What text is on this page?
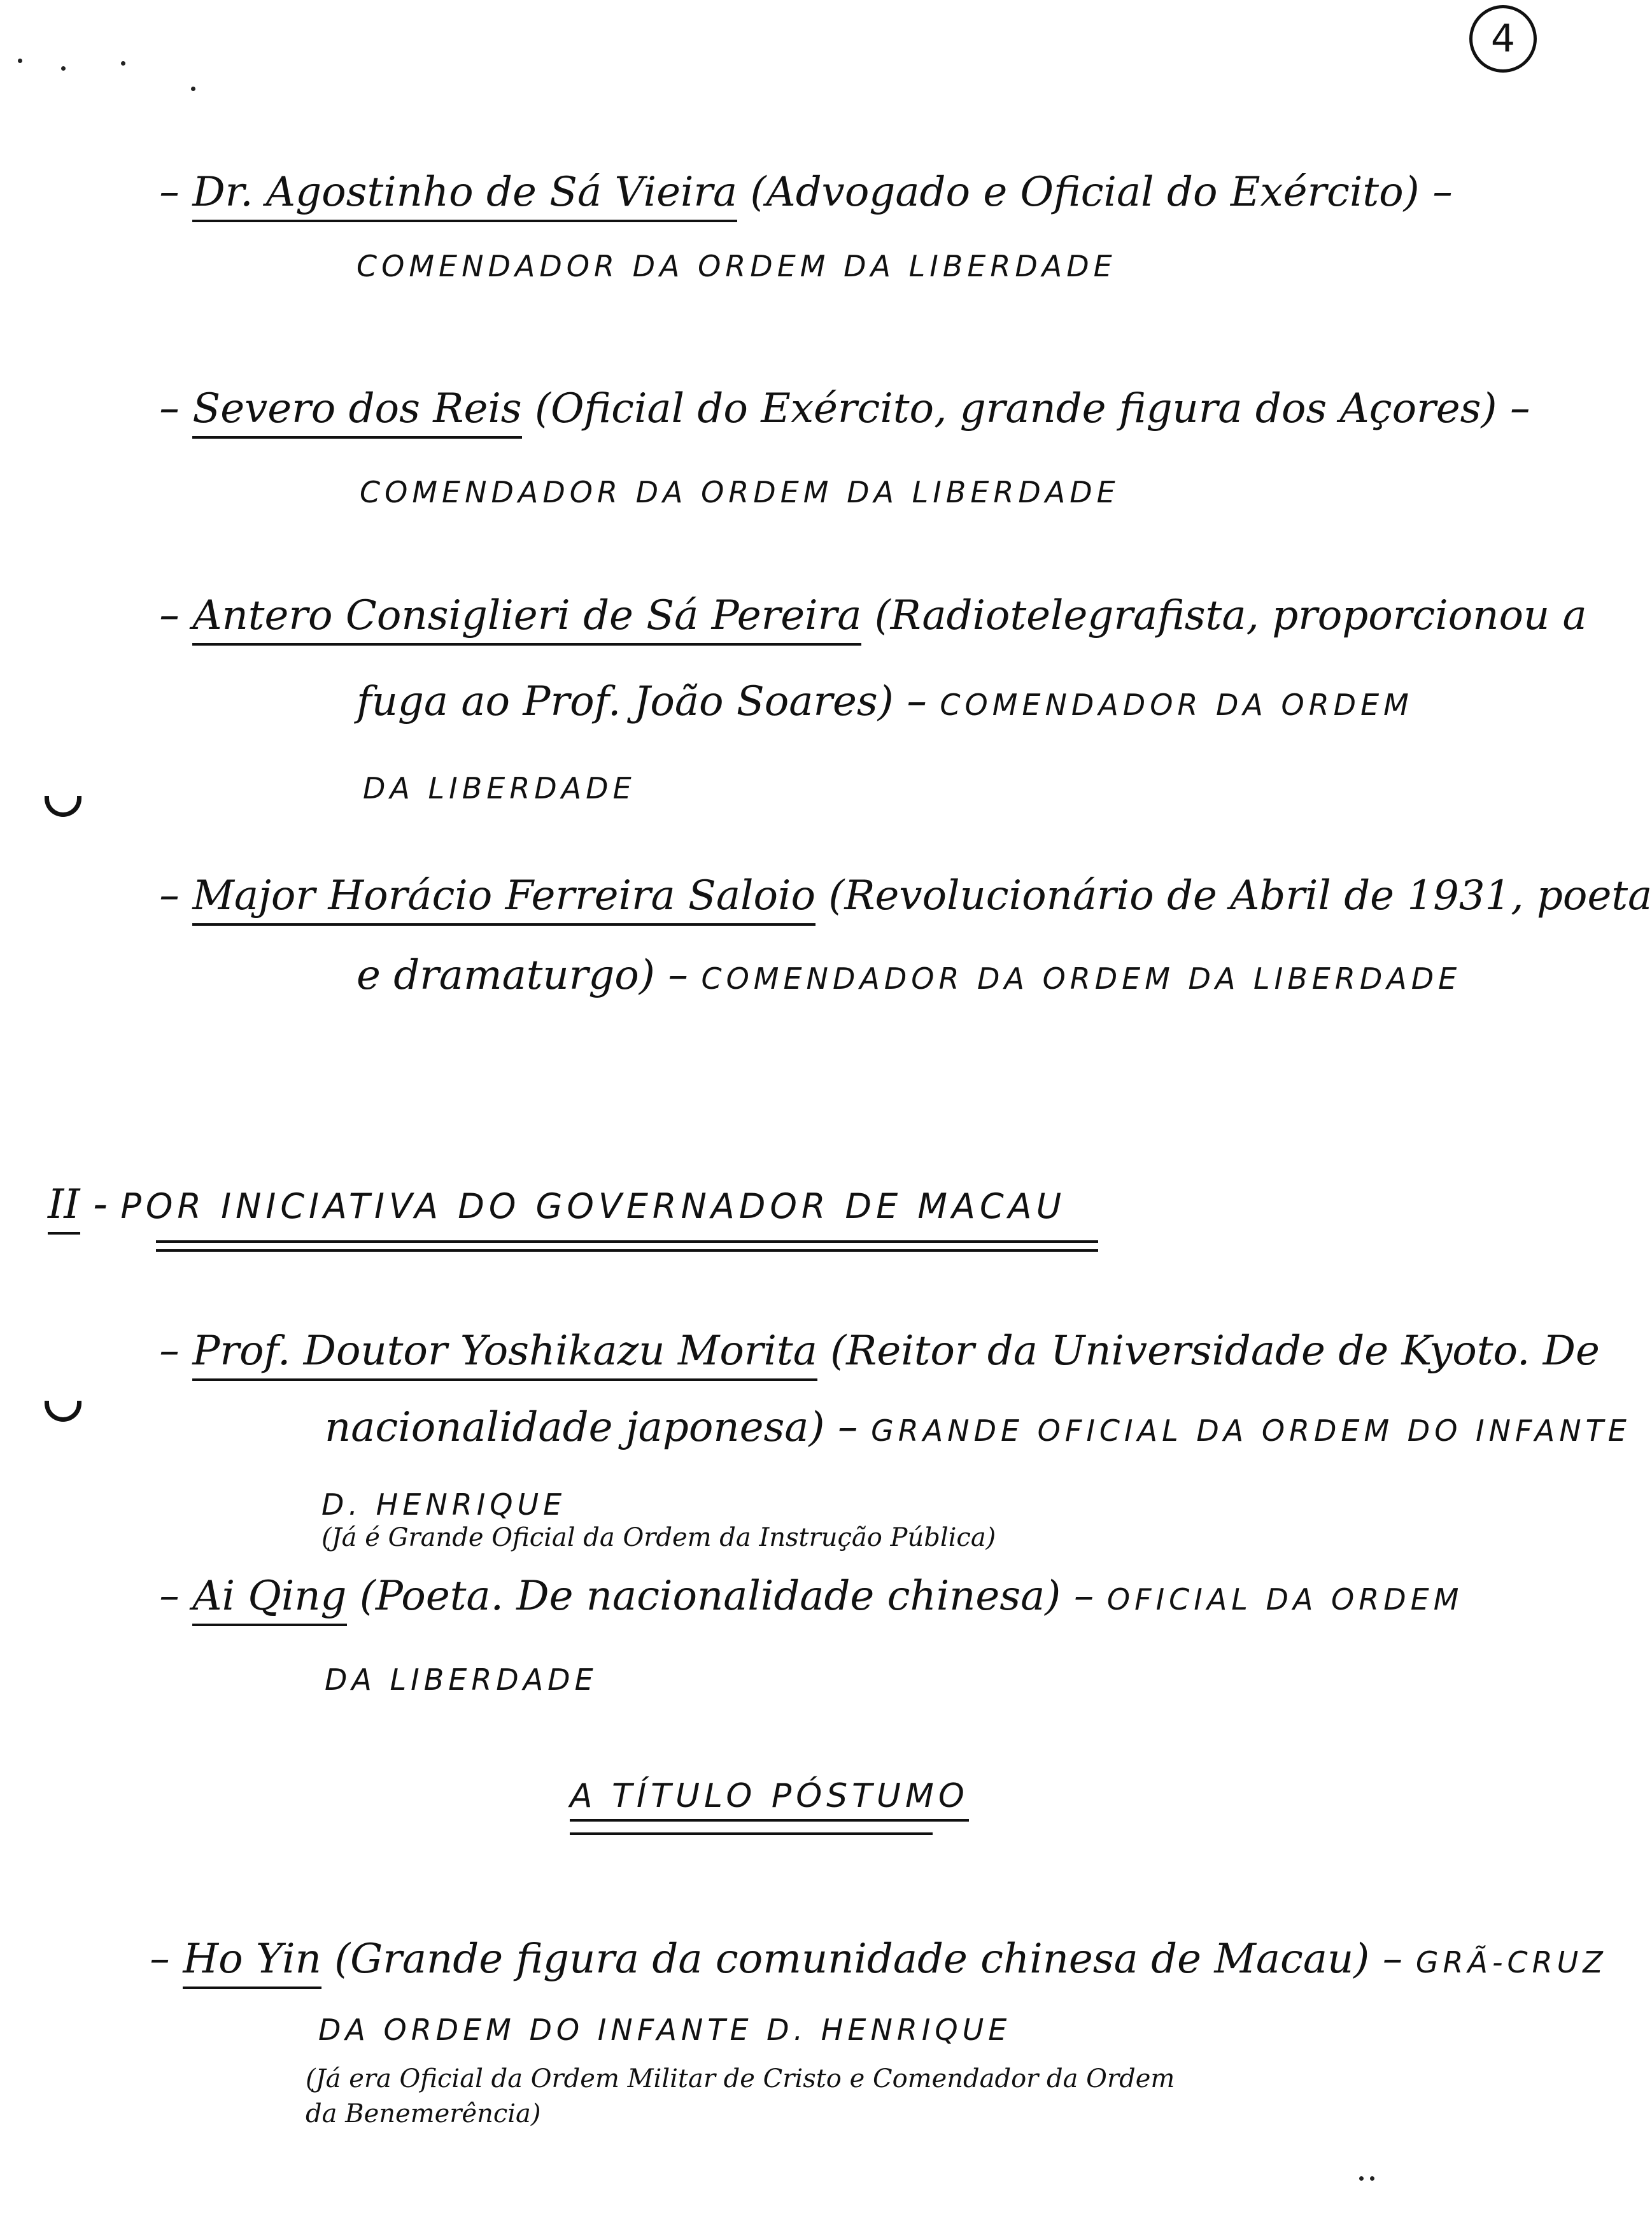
4
– Dr. Agostinho de Sá Vieira (Advogado e Oficial do Exército) –
COMENDADOR DA ORDEM DA LIBERDADE
– Severo dos Reis (Oficial do Exército, grande figura dos Açores) –
COMENDADOR DA ORDEM DA LIBERDADE
– Antero Consiglieri de Sá Pereira (Radiotelegrafista, proporcionou a
fuga ao Prof. João Soares) – COMENDADOR DA ORDEM
DA LIBERDADE
– Major Horácio Ferreira Saloio (Revolucionário de Abril de 1931, poeta
e dramaturgo) – COMENDADOR DA ORDEM DA LIBERDADE
II - POR INICIATIVA DO GOVERNADOR DE MACAU
– Prof. Doutor Yoshikazu Morita (Reitor da Universidade de Kyoto. De
nacionalidade japonesa) – GRANDE OFICIAL DA ORDEM DO INFANTE
D. HENRIQUE
(Já é Grande Oficial da Ordem da Instrução Pública)
– Ai Qing (Poeta. De nacionalidade chinesa) – OFICIAL DA ORDEM
DA LIBERDADE
A TÍTULO PÓSTUMO
– Ho Yin (Grande figura da comunidade chinesa de Macau) – GRÃ-CRUZ
DA ORDEM DO INFANTE D. HENRIQUE
(Já era Oficial da Ordem Militar de Cristo e Comendador da Ordem
da Benemerência)
